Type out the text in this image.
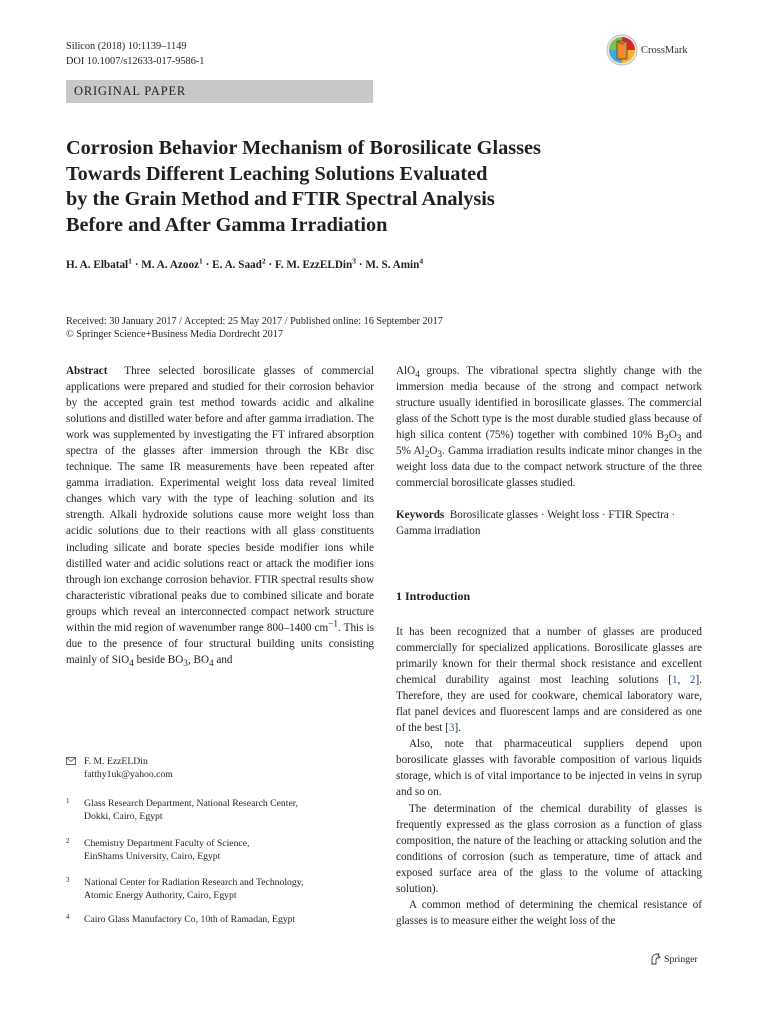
Silicon (2018) 10:1139–1149
DOI 10.1007/s12633-017-9586-1
CrossMark
ORIGINAL PAPER
Corrosion Behavior Mechanism of Borosilicate Glasses
Towards Different Leaching Solutions Evaluated
by the Grain Method and FTIR Spectral Analysis
Before and After Gamma Irradiation
H. A. Elbatal$^1$ · M. A. Azooz$^1$ · E. A. Saad$^2$ · F. M. EzzELDin$^3$ · M. S. Amin$^4$
Received: 30 January 2017 / Accepted: 25 May 2017 / Published online: 16 September 2017
© Springer Science+Business Media Dordrecht 2017

Abstract Three selected borosilicate glasses of commercial applications were prepared and studied for their corrosion behavior by the accepted grain test method towards acidic and alkaline solutions and distilled water before and after gamma irradiation. The work was supplemented by investigating the FT infrared absorption spectra of the glasses after immersion through the KBr disc technique. The same IR measurements have been repeated after gamma irradiation. Experimental weight loss data reveal limited changes which vary with the type of leaching solution and its strength. Alkali hydroxide solutions cause more weight loss than acidic solutions due to their reactions with all glass constituents including silicate and borate species beside modifier ions while distilled water and acidic solutions react or attack the modifier ions through ion exchange corrosion behavior. FTIR spectral results show characteristic vibrational peaks due to combined silicate and borate groups which reveal an interconnected compact network structure within the mid region of wavenumber range 800–1400 $cm^{-1}$. This is due to the presence of four structural building units consisting mainly of SiO$_4$ beside $BO_3$, $BO_4$ and

AlO$_4$ groups. The vibrational spectra slightly change with the immersion media because of the strong and compact network structure usually identified in borosilicate glasses. The commercial glass of the Schott type is the most durable studied glass because of high silica content (75%) together with combined 10% $B_2O_3$ and 5% $Al_2O_3$. Gamma irradiation results indicate minor changes in the weight loss data due to the compact network structure of the three commercial borosilicate glasses studied.

Keywords Borosilicate glasses · Weight loss · FTIR Spectra · Gamma irradiation

1 Introduction

It has been recognized that a number of glasses are produced commercially for specialized applications. Borosilicate glasses are primarily known for their thermal shock resistance and excellent chemical durability against most leaching solutions [1, 2]. Therefore, they are used for cookware, chemical laboratory ware, flat panel devices and fluorescent lamps and are considered as one of the best [3].

Also, note that pharmaceutical suppliers depend upon borosilicate glasses with favorable composition of various liquids storage, which is of vital importance to be injected in veins in syrup and so on.

The determination of the chemical durability of glasses is frequently expressed as the glass corrosion as a function of glass composition, the nature of the leaching or attacking solution and the conditions of corrosion (such as temperature, time of attack and exposed surface area of the glass to the volume of attacking solution).

A common method of determining the chemical resistance of glasses is to measure either the weight loss of the

F. M. EzzELDin
fatthy1uk@yahoo.com
1 Glass Research Department, National Research Center,
Dokki, Cairo, Egypt
2 Chemistry Department Faculty of Science,
EinShams University, Cairo, Egypt
3 National Center for Radiation Research and Technology,
Atomic Energy Authority, Cairo, Egypt
4 Cairo Glass Manufactory Co, 10th of Ramadan, Egypt
Springer
